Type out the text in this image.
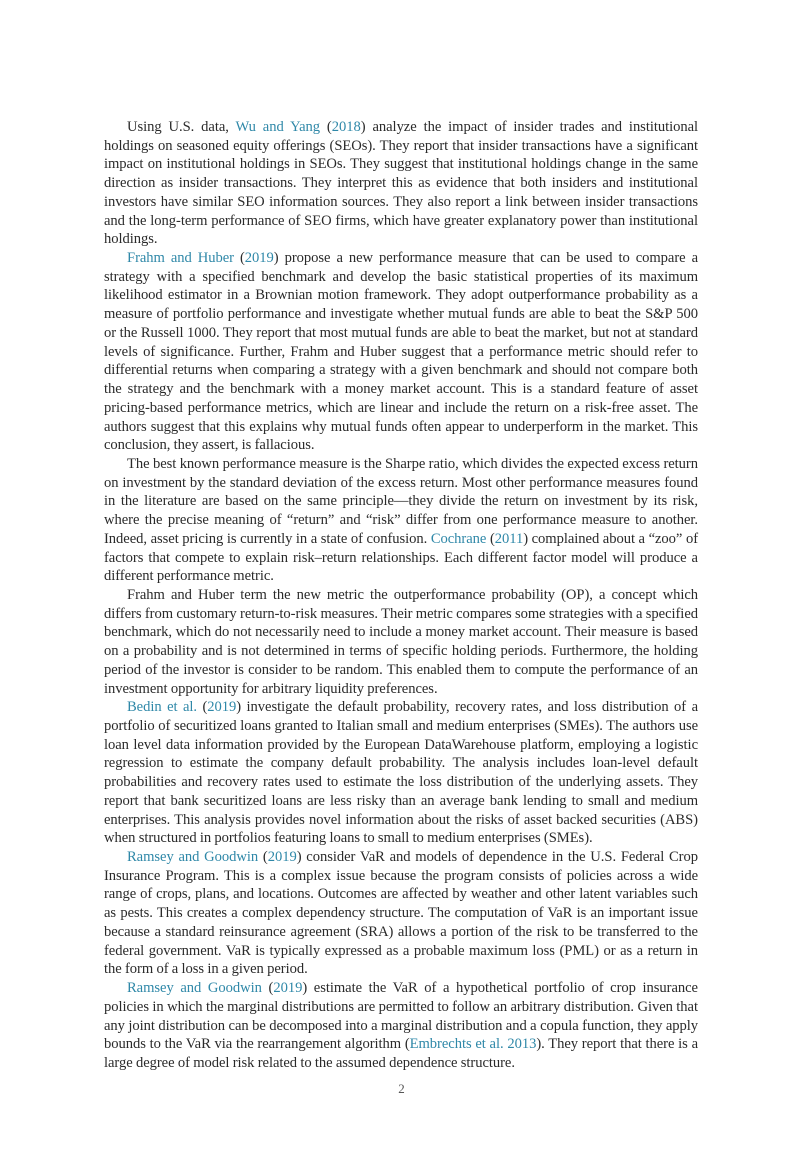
Using U.S. data, Wu and Yang (2018) analyze the impact of insider trades and institutional holdings on seasoned equity offerings (SEOs). They report that insider transactions have a significant impact on institutional holdings in SEOs. They suggest that institutional holdings change in the same direction as insider transactions. They interpret this as evidence that both insiders and institutional investors have similar SEO information sources. They also report a link between insider transactions and the long-term performance of SEO firms, which have greater explanatory power than institutional holdings.

Frahm and Huber (2019) propose a new performance measure that can be used to compare a strategy with a specified benchmark and develop the basic statistical properties of its maximum likelihood estimator in a Brownian motion framework. They adopt outperformance probability as a measure of portfolio performance and investigate whether mutual funds are able to beat the S&P 500 or the Russell 1000. They report that most mutual funds are able to beat the market, but not at standard levels of significance. Further, Frahm and Huber suggest that a performance metric should refer to differential returns when comparing a strategy with a given benchmark and should not compare both the strategy and the benchmark with a money market account. This is a standard feature of asset pricing-based performance metrics, which are linear and include the return on a risk-free asset. The authors suggest that this explains why mutual funds often appear to underperform in the market. This conclusion, they assert, is fallacious.

The best known performance measure is the Sharpe ratio, which divides the expected excess return on investment by the standard deviation of the excess return. Most other performance measures found in the literature are based on the same principle—they divide the return on investment by its risk, where the precise meaning of “return” and “risk” differ from one performance measure to another. Indeed, asset pricing is currently in a state of confusion. Cochrane (2011) complained about a “zoo” of factors that compete to explain risk–return relationships. Each different factor model will produce a different performance metric.

Frahm and Huber term the new metric the outperformance probability (OP), a concept which differs from customary return-to-risk measures. Their metric compares some strategies with a specified benchmark, which do not necessarily need to include a money market account. Their measure is based on a probability and is not determined in terms of specific holding periods. Furthermore, the holding period of the investor is consider to be random. This enabled them to compute the performance of an investment opportunity for arbitrary liquidity preferences.

Bedin et al. (2019) investigate the default probability, recovery rates, and loss distribution of a portfolio of securitized loans granted to Italian small and medium enterprises (SMEs). The authors use loan level data information provided by the European DataWarehouse platform, employing a logistic regression to estimate the company default probability. The analysis includes loan-level default probabilities and recovery rates used to estimate the loss distribution of the underlying assets. They report that bank securitized loans are less risky than an average bank lending to small and medium enterprises. This analysis provides novel information about the risks of asset backed securities (ABS) when structured in portfolios featuring loans to small to medium enterprises (SMEs).

Ramsey and Goodwin (2019) consider VaR and models of dependence in the U.S. Federal Crop Insurance Program. This is a complex issue because the program consists of policies across a wide range of crops, plans, and locations. Outcomes are affected by weather and other latent variables such as pests. This creates a complex dependency structure. The computation of VaR is an important issue because a standard reinsurance agreement (SRA) allows a portion of the risk to be transferred to the federal government. VaR is typically expressed as a probable maximum loss (PML) or as a return in the form of a loss in a given period.

Ramsey and Goodwin (2019) estimate the VaR of a hypothetical portfolio of crop insurance policies in which the marginal distributions are permitted to follow an arbitrary distribution. Given that any joint distribution can be decomposed into a marginal distribution and a copula function, they apply bounds to the VaR via the rearrangement algorithm (Embrechts et al. 2013). They report that there is a large degree of model risk related to the assumed dependence structure.

2
